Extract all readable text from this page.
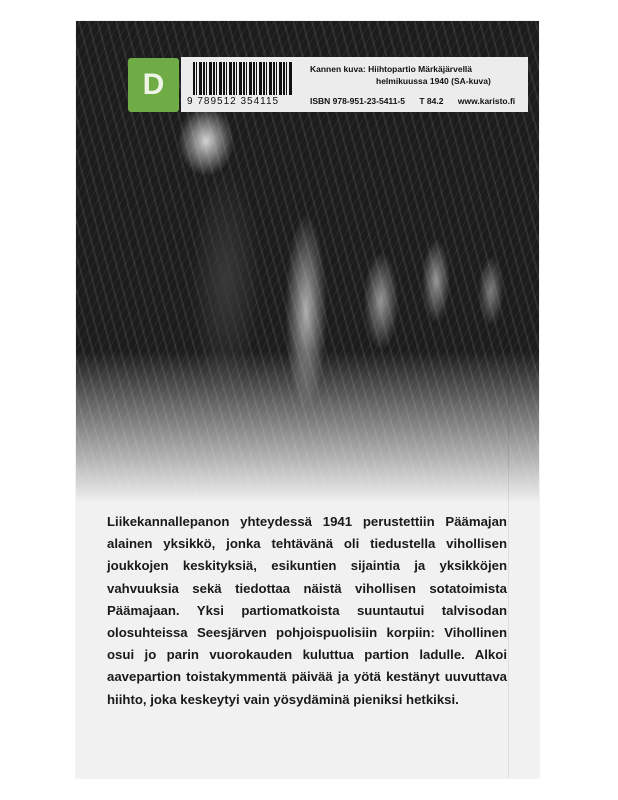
D
9 789512 354115
Kannen kuva: Hiihtopartio Märkäjärvellä
helmikuussa 1940 (SA-kuva)
ISBN 978-951-23-5411-5 T 84.2 www.karisto.fi

Liikekannallepanon yhteydessä 1941 perustettiin Päämajan alainen yksikkö, jonka tehtävänä oli tiedustella vihollisen joukkojen keskityksiä, esikuntien sijaintia ja yksikköjen vahvuuksia sekä tiedottaa näistä vihollisen sotatoimista Päämajaan. Yksi partiomatkoista suuntautui talvisodan olosuhteissa Seesjärven pohjoispuolisiin korpiin: Vihollinen osui jo parin vuorokauden kuluttua partion ladulle. Alkoi aavepartion toistakymmentä päivää ja yötä kestänyt uuvuttava hiihto, joka keskeytyi vain yösydäminä pieniksi hetkiksi.
